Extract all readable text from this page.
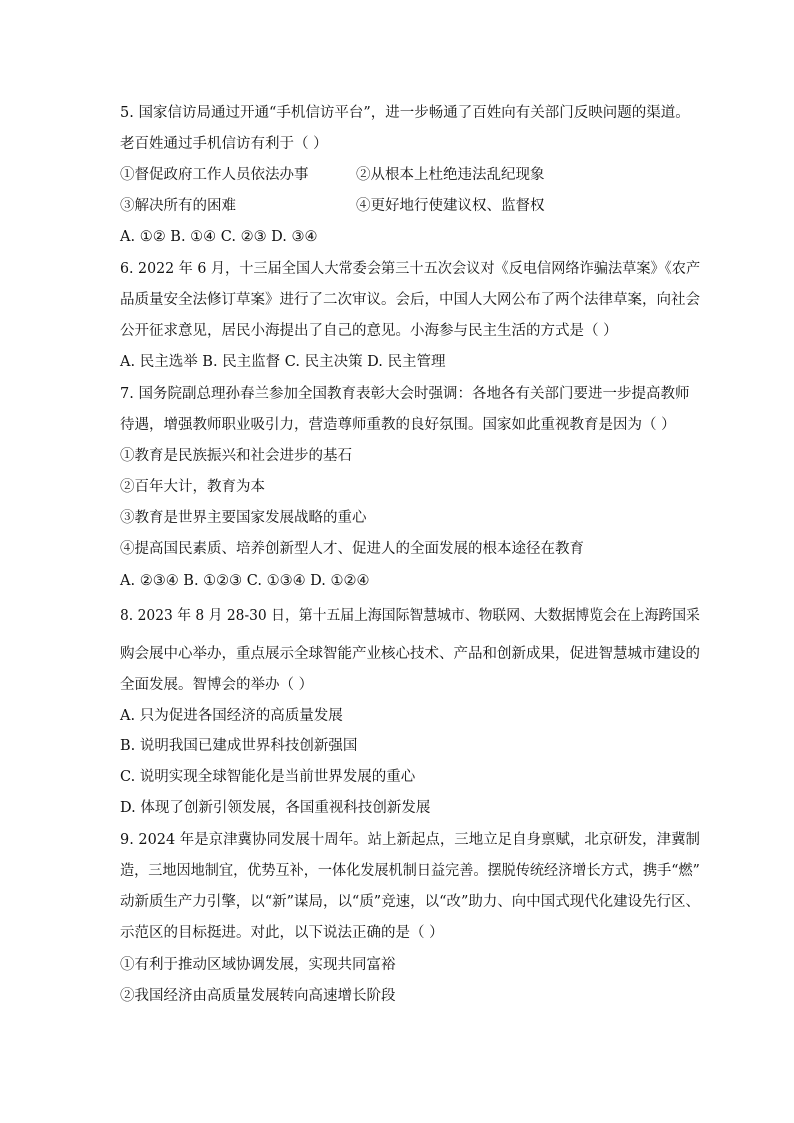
5. 国家信访局通过开通“手机信访平台”，进一步畅通了百姓向有关部门反映问题的渠道。
老百姓通过手机信访有利于（ ）
①督促政府工作人员依法办事	②从根本上杜绝违法乱纪现象
③解决所有的困难	④更好地行使建议权、监督权
A. ①② B. ①④ C. ②③ D. ③④
6. 2022 年 6 月，十三届全国人大常委会第三十五次会议对《反电信网络诈骗法草案》《农产
品质量安全法修订草案》进行了二次审议。会后，中国人大网公布了两个法律草案，向社会
公开征求意见，居民小海提出了自己的意见。小海参与民主生活的方式是（ ）
A. 民主选举 B. 民主监督 C. 民主决策 D. 民主管理
7. 国务院副总理孙春兰参加全国教育表彰大会时强调：各地各有关部门要进一步提高教师
待遇，增强教师职业吸引力，营造尊师重教的良好氛围。国家如此重视教育是因为（ ）
①教育是民族振兴和社会进步的基石
②百年大计，教育为本
③教育是世界主要国家发展战略的重心
④提高国民素质、培养创新型人才、促进人的全面发展的根本途径在教育
A. ②③④ B. ①②③ C. ①③④ D. ①②④
8. 2023 年 8 月 28-30 日，第十五届上海国际智慧城市、物联网、大数据博览会在上海跨国采
购会展中心举办，重点展示全球智能产业核心技术、产品和创新成果，促进智慧城市建设的
全面发展。智博会的举办（ ）
A. 只为促进各国经济的高质量发展
B. 说明我国已建成世界科技创新强国
C. 说明实现全球智能化是当前世界发展的重心
D. 体现了创新引领发展，各国重视科技创新发展
9. 2024 年是京津冀协同发展十周年。站上新起点，三地立足自身禀赋，北京研发，津冀制
造，三地因地制宜，优势互补，一体化发展机制日益完善。摆脱传统经济增长方式，携手“燃”
动新质生产力引擎，以“新”谋局，以“质”竞速，以“改”助力、向中国式现代化建设先行区、
示范区的目标挺进。对此，以下说法正确的是（ ）
①有利于推动区域协调发展，实现共同富裕
②我国经济由高质量发展转向高速增长阶段
